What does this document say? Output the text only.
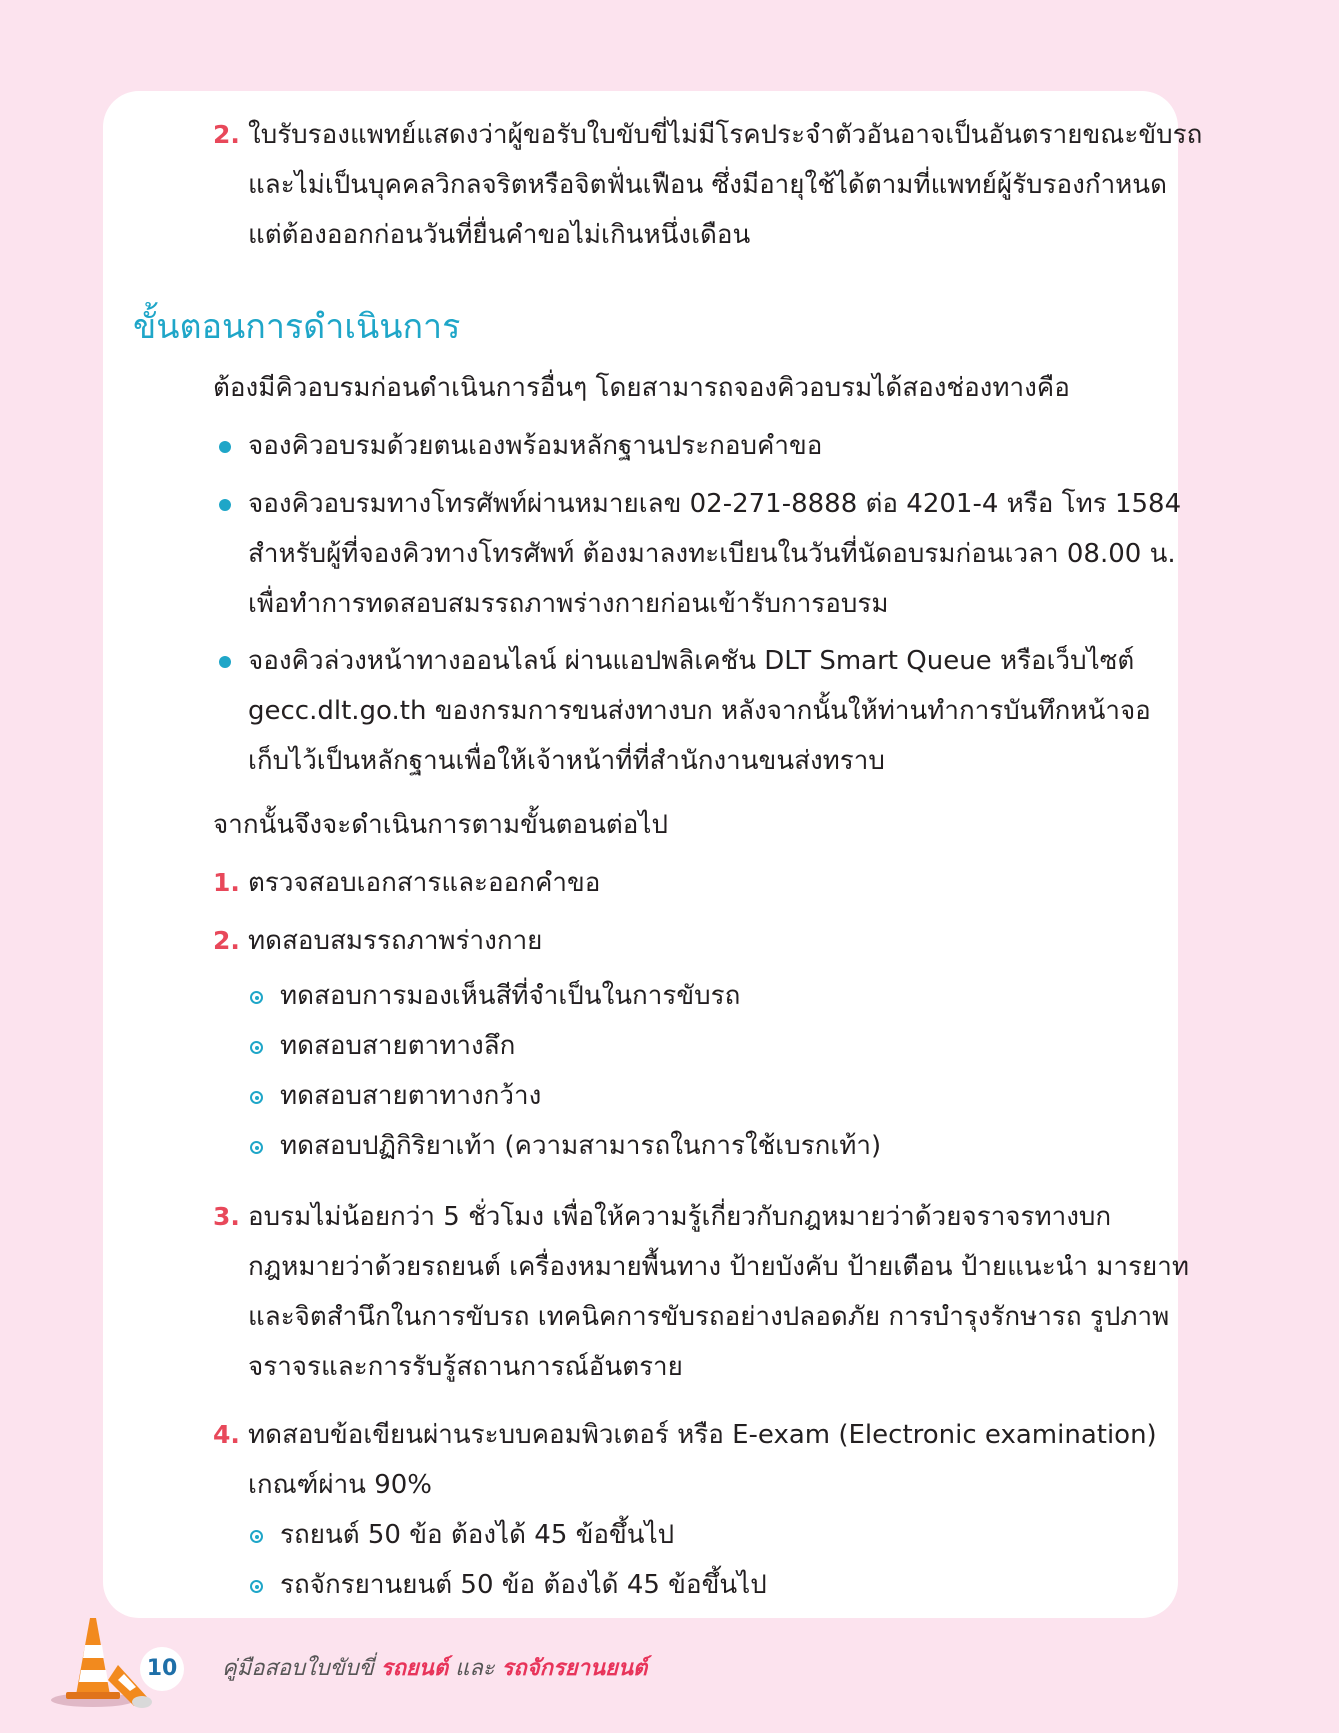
2. ใบรับรองแพทย์แสดงว่าผู้ขอรับใบขับขี่ไม่มีโรคประจำตัวอันอาจเป็นอันตรายขณะขับรถ
และไม่เป็นบุคคลวิกลจริตหรือจิตฟั่นเฟือน ซึ่งมีอายุใช้ได้ตามที่แพทย์ผู้รับรองกำหนด
แต่ต้องออกก่อนวันที่ยื่นคำขอไม่เกินหนึ่งเดือน
ขั้นตอนการดำเนินการ
ต้องมีคิวอบรมก่อนดำเนินการอื่นๆ โดยสามารถจองคิวอบรมได้สองช่องทางคือ
จองคิวอบรมด้วยตนเองพร้อมหลักฐานประกอบคำขอ
จองคิวอบรมทางโทรศัพท์ผ่านหมายเลข 02-271-8888 ต่อ 4201-4 หรือ โทร 1584
สำหรับผู้ที่จองคิวทางโทรศัพท์ ต้องมาลงทะเบียนในวันที่นัดอบรมก่อนเวลา 08.00 น.
เพื่อทำการทดสอบสมรรถภาพร่างกายก่อนเข้ารับการอบรม
จองคิวล่วงหน้าทางออนไลน์ ผ่านแอปพลิเคชัน DLT Smart Queue หรือเว็บไซต์
gecc.dlt.go.th ของกรมการขนส่งทางบก หลังจากนั้นให้ท่านทำการบันทึกหน้าจอ
เก็บไว้เป็นหลักฐานเพื่อให้เจ้าหน้าที่ที่สำนักงานขนส่งทราบ
จากนั้นจึงจะดำเนินการตามขั้นตอนต่อไป
1. ตรวจสอบเอกสารและออกคำขอ
2. ทดสอบสมรรถภาพร่างกาย
ทดสอบการมองเห็นสีที่จำเป็นในการขับรถ
ทดสอบสายตาทางลึก
ทดสอบสายตาทางกว้าง
ทดสอบปฏิกิริยาเท้า (ความสามารถในการใช้เบรกเท้า)
3. อบรมไม่น้อยกว่า 5 ชั่วโมง เพื่อให้ความรู้เกี่ยวกับกฎหมายว่าด้วยจราจรทางบก
กฎหมายว่าด้วยรถยนต์ เครื่องหมายพื้นทาง ป้ายบังคับ ป้ายเตือน ป้ายแนะนำ มารยาท
และจิตสำนึกในการขับรถ เทคนิคการขับรถอย่างปลอดภัย การบำรุงรักษารถ รูปภาพ
จราจรและการรับรู้สถานการณ์อันตราย
4. ทดสอบข้อเขียนผ่านระบบคอมพิวเตอร์ หรือ E-exam (Electronic examination)
เกณฑ์ผ่าน 90%
รถยนต์ 50 ข้อ ต้องได้ 45 ข้อขึ้นไป
รถจักรยานยนต์ 50 ข้อ ต้องได้ 45 ข้อขึ้นไป
10	คู่มือสอบใบขับขี่ รถยนต์ และ รถจักรยานยนต์
